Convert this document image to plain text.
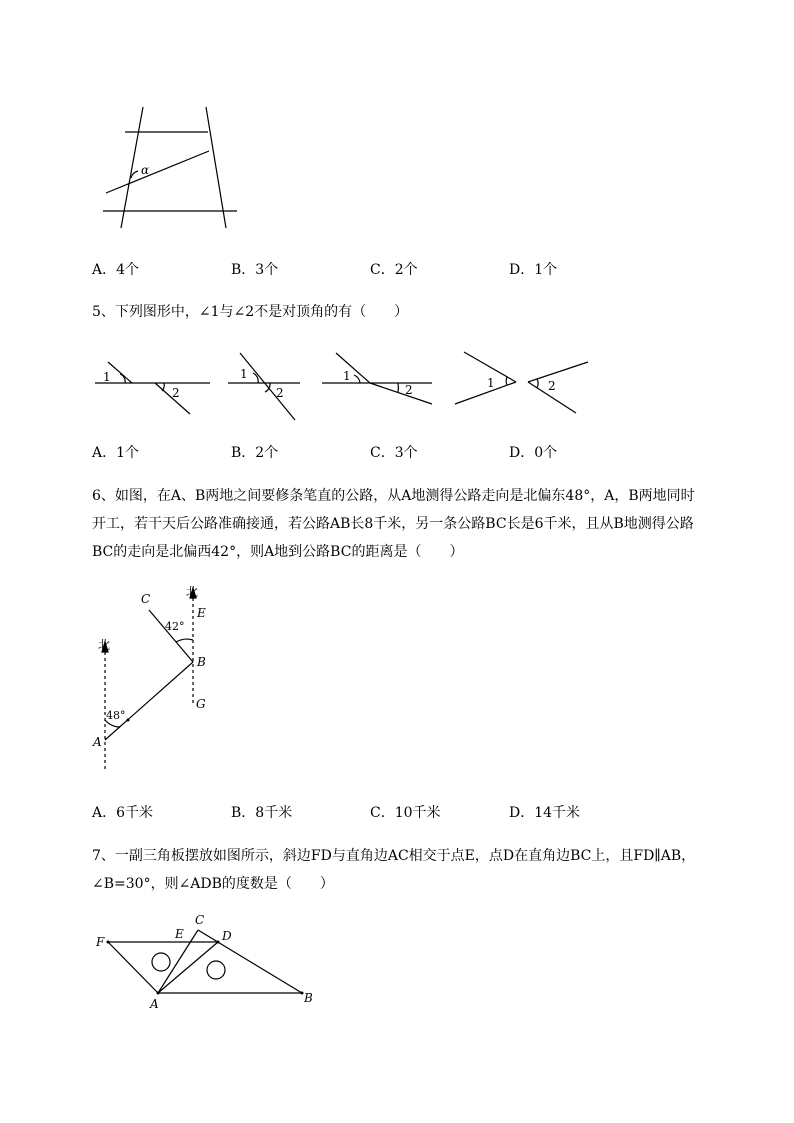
α
A．4个	B．3个	C．2个	D．1个
5、下列图形中，∠1与∠2不是对顶角的有（　　）
1
2
1
2
1
2	1	2
A．1个	B．2个	C．3个	D．0个
6、如图，在A、B两地之间要修条笔直的公路，从A地测得公路走向是北偏东48°，A，B两地同时
开工，若干天后公路准确接通，若公路AB长8千米，另一条公路BC长是6千米，且从B地测得公路
BC的走向是北偏西42°，则A地到公路BC的距离是（　　）
北
北
48°
42°
A
B
C
E
G
A．6千米	B．8千米	C．10千米	D．14千米
7、一副三角板摆放如图所示，斜边FD与直角边AC相交于点E，点D在直角边BC上，且FD∥AB，
∠B=30°，则∠ADB的度数是（　　）
F
E
C
D
A	B
